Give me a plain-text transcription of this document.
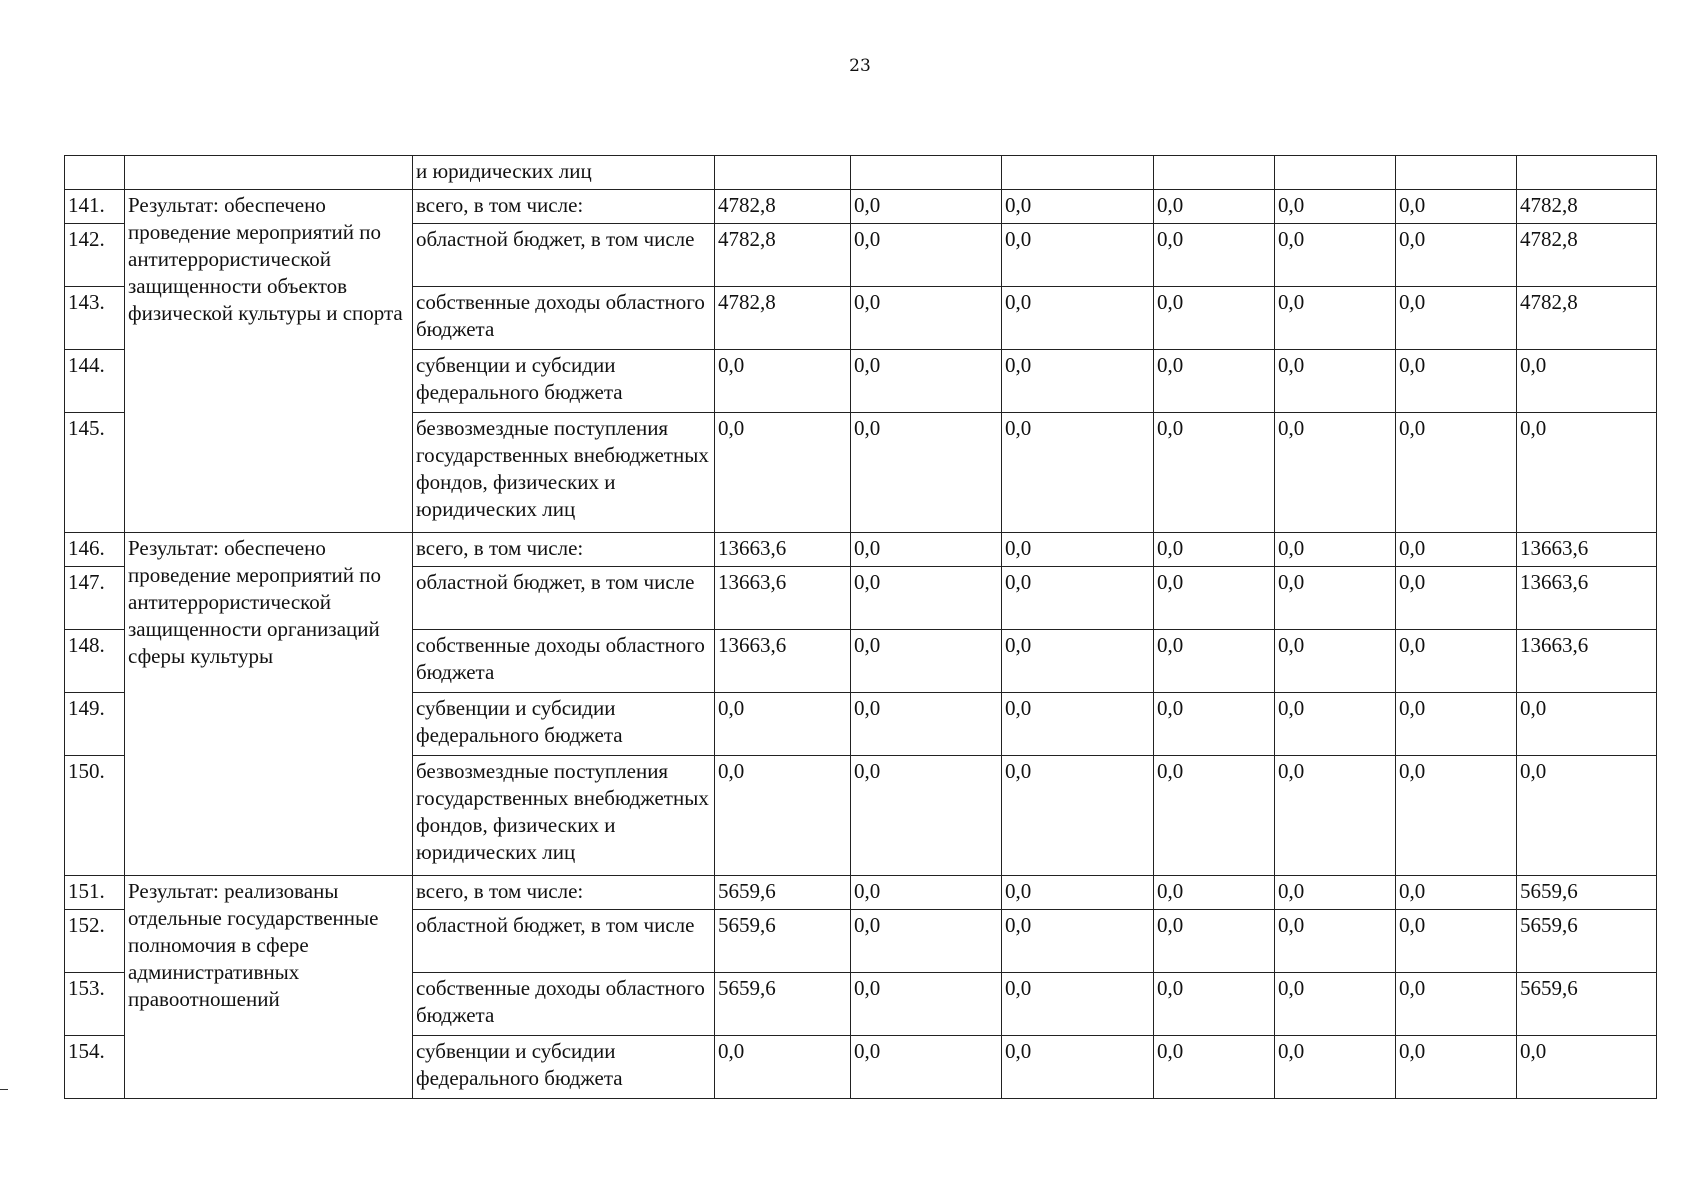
23
		и юридических лиц							
141.	Результат: обеспечено проведение мероприятий по антитеррористической защищенности объектов физической культуры и спорта	всего, в том числе:	4782,8	0,0	0,0	0,0	0,0	0,0	4782,8
142.		областной бюджет, в том числе	4782,8	0,0	0,0	0,0	0,0	0,0	4782,8
143.		собственные доходы областного бюджета	4782,8	0,0	0,0	0,0	0,0	0,0	4782,8
144.		субвенции и субсидии федерального бюджета	0,0	0,0	0,0	0,0	0,0	0,0	0,0
145.		безвозмездные поступления государственных внебюджетных фондов, физических и юридических лиц	0,0	0,0	0,0	0,0	0,0	0,0	0,0
146.	Результат: обеспечено проведение мероприятий по антитеррористической защищенности организаций сферы культуры	всего, в том числе:	13663,6	0,0	0,0	0,0	0,0	0,0	13663,6
147.		областной бюджет, в том числе	13663,6	0,0	0,0	0,0	0,0	0,0	13663,6
148.		собственные доходы областного бюджета	13663,6	0,0	0,0	0,0	0,0	0,0	13663,6
149.		субвенции и субсидии федерального бюджета	0,0	0,0	0,0	0,0	0,0	0,0	0,0
150.		безвозмездные поступления государственных внебюджетных фондов, физических и юридических лиц	0,0	0,0	0,0	0,0	0,0	0,0	0,0
151.	Результат: реализованы отдельные государственные полномочия в сфере административных правоотношений	всего, в том числе:	5659,6	0,0	0,0	0,0	0,0	0,0	5659,6
152.		областной бюджет, в том числе	5659,6	0,0	0,0	0,0	0,0	0,0	5659,6
153.		собственные доходы областного бюджета	5659,6	0,0	0,0	0,0	0,0	0,0	5659,6
154.		субвенции и субсидии федерального бюджета	0,0	0,0	0,0	0,0	0,0	0,0	0,0
